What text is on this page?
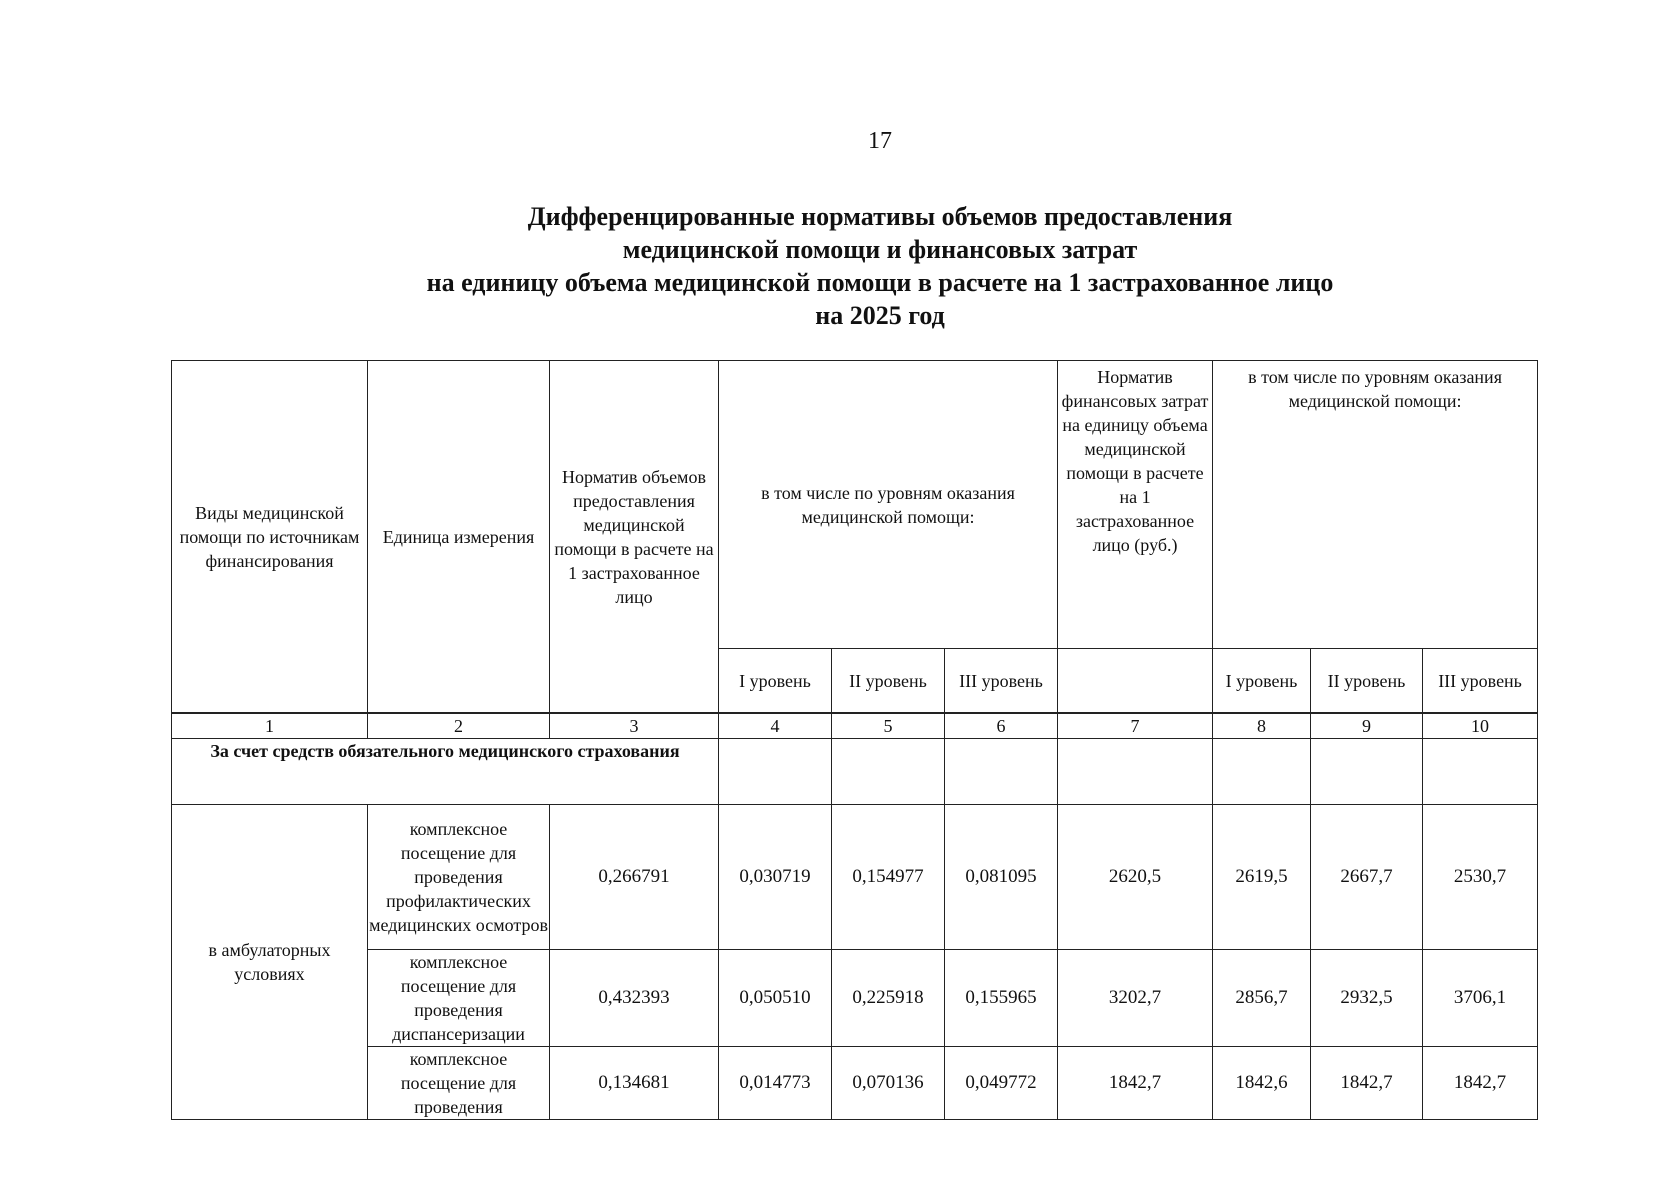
17
Дифференцированные нормативы объемов предоставления
медицинской помощи и финансовых затрат
на единицу объема медицинской помощи в расчете на 1 застрахованное лицо
на 2025 год
Виды медицинской помощи по источникам финансирования	Единица измерения	Норматив объемов предоставления медицинской помощи в расчете на 1 застрахованное лицо	в том числе по уровням оказания медицинской помощи:			Норматив финансовых затрат на единицу объема медицинской помощи в расчете на 1 застрахованное лицо (руб.)	в том числе по уровням оказания медицинской помощи:		
			I уровень	II уровень	III уровень		I уровень	II уровень	III уровень

1	2	3	4	5	6	7	8	9	10
За счет средств обязательного медицинского страхования									
в амбулаторных условиях	комплексное посещение для проведения профилактических медицинских осмотров	0,266791	0,030719	0,154977	0,081095	2620,5	2619,5	2667,7	2530,7
	комплексное посещение для проведения диспансеризации	0,432393	0,050510	0,225918	0,155965	3202,7	2856,7	2932,5	3706,1
	комплексное посещение для проведения	0,134681	0,014773	0,070136	0,049772	1842,7	1842,6	1842,7	1842,7
